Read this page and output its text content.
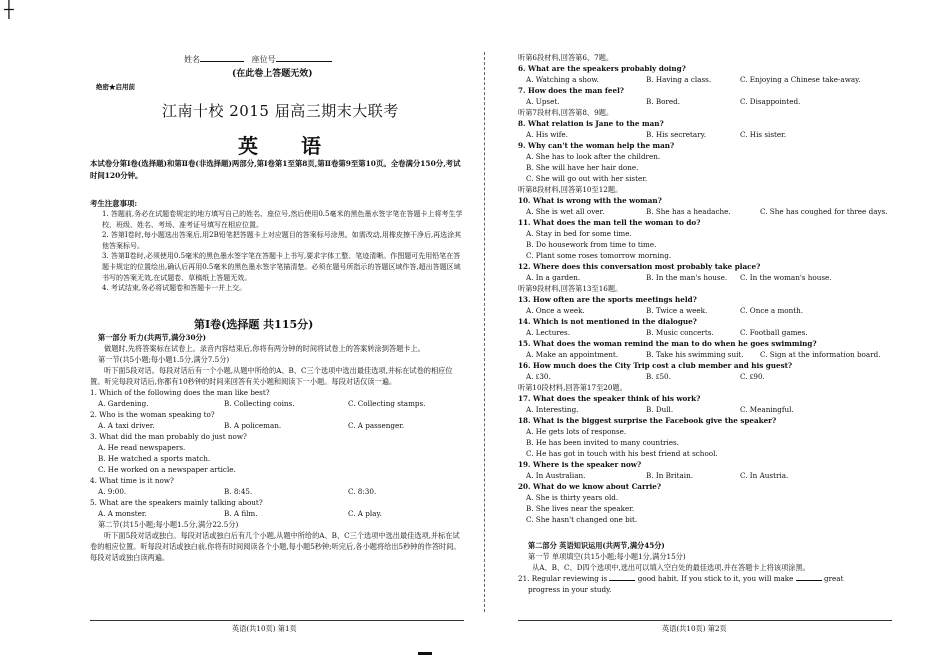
┼
姓名	座位号
(在此卷上答题无效)
绝密★启用前
江南十校 2015 届高三期末大联考
英 语
本试卷分第Ⅰ卷(选择题)和第Ⅱ卷(非选择题)两部分,第Ⅰ卷第1至第8页,第Ⅱ卷第9至第10页。全卷满分150分,考试时间120分钟。
考生注意事项:
1. 答题前,务必在试题卷规定的地方填写自己的姓名、座位号,然后使用0.5毫米的黑色墨水签字笔在答题卡上将考生学校、班级、姓名、考场、准考证号填写在相应位置。
2. 答第Ⅰ卷时,每小题选出答案后,用2B铅笔把答题卡上对应题目的答案标号涂黑。如需改动,用橡皮擦干净后,再选涂其他答案标号。
3. 答第Ⅱ卷时,必须使用0.5毫米的黑色墨水签字笔在答题卡上书写,要求字体工整、笔迹清晰。作图题可先用铅笔在答题卡规定的位置绘出,确认后再用0.5毫米的黑色墨水签字笔描清楚。必须在题号所指示的答题区域作答,超出答题区域书写的答案无效,在试题卷、草稿纸上答题无效。
4. 考试结束,务必将试题卷和答题卡一并上交。
第Ⅰ卷(选择题 共115分)
第一部分 听力(共两节,满分30分)
做题时,先将答案标在试卷上。录音内容结束后,你将有两分钟的时间将试卷上的答案转涂到答题卡上。
第一节(共5小题;每小题1.5分,满分7.5分)
听下面5段对话。每段对话后有一个小题,从题中所给的A、B、C三个选项中选出最佳选项,并标在试卷的相应位置。听完每段对话后,你都有10秒钟的时间来回答有关小题和阅读下一小题。每段对话仅读一遍。
1. Which of the following does the man like best?
A. Gardening.	B. Collecting coins.	C. Collecting stamps.
2. Who is the woman speaking to?
A. A taxi driver.	B. A policeman.	C. A passenger.
3. What did the man probably do just now?
A. He read newspapers.
B. He watched a sports match.
C. He worked on a newspaper article.
4. What time is it now?
A. 9:00.	B. 8:45.	C. 8:30.
5. What are the speakers mainly talking about?
A. A monster.	B. A film.	C. A play.
第二节(共15小题;每小题1.5分,满分22.5分)
听下面5段对话或独白。每段对话或独白后有几个小题,从题中所给的A、B、C三个选项中选出最佳选项,并标在试卷的相应位置。听每段对话或独白前,你将有时间阅读各个小题,每小题5秒钟;听完后,各小题将给出5秒钟的作答时间。每段对话或独白读两遍。
英语(共10页) 第1页
听第6段材料,回答第6、7题。
6. What are the speakers probably doing?
A. Watching a show.	B. Having a class.	C. Enjoying a Chinese take-away.
7. How does the man feel?
A. Upset.	B. Bored.	C. Disappointed.
听第7段材料,回答第8、9题。
8. What relation is Jane to the man?
A. His wife.	B. His secretary.	C. His sister.
9. Why can't the woman help the man?
A. She has to look after the children.
B. She will have her hair done.
C. She will go out with her sister.
听第8段材料,回答第10至12题。
10. What is wrong with the woman?
A. She is wet all over.	B. She has a headache.	C. She has coughed for three days.
11. What does the man tell the woman to do?
A. Stay in bed for some time.
B. Do housework from time to time.
C. Plant some roses tomorrow morning.
12. Where does this conversation most probably take place?
A. In a garden.	B. In the man's house. C. In the woman's house.
听第9段材料,回答第13至16题。
13. How often are the sports meetings held?
A. Once a week.	B. Twice a week.	C. Once a month.
14. Which is not mentioned in the dialogue?
A. Lectures.	B. Music concerts.	C. Football games.
15. What does the woman remind the man to do when he goes swimming?
A. Make an appointment.	B. Take his swimming suit. C. Sign at the information board.
16. How much does the City Trip cost a club member and his guest?
A. ₤30.	B. ₤50.	C. ₤90.
听第10段材料,回答第17至20题。
17. What does the speaker think of his work?
A. Interesting.	B. Dull.	C. Meaningful.
18. What is the biggest surprise the Facebook give the speaker?
A. He gets lots of response.
B. He has been invited to many countries.
C. He has got in touch with his best friend at school.
19. Where is the speaker now?
A. In Australian.	B. In Britain.	C. In Austria.
20. What do we know about Carrie?
A. She is thirty years old.
B. She lives near the speaker.
C. She hasn't changed one bit.
第二部分 英语知识运用(共两节,满分45分)
第一节 单项填空(共15小题;每小题1分,满分15分)
从A、B、C、D四个选项中,选出可以填入空白处的最佳选项,并在答题卡上将该项涂黑。
21. Regular reviewing is	good habit. If you stick to it, you will make	great
progress in your study.
英语(共10页) 第2页
